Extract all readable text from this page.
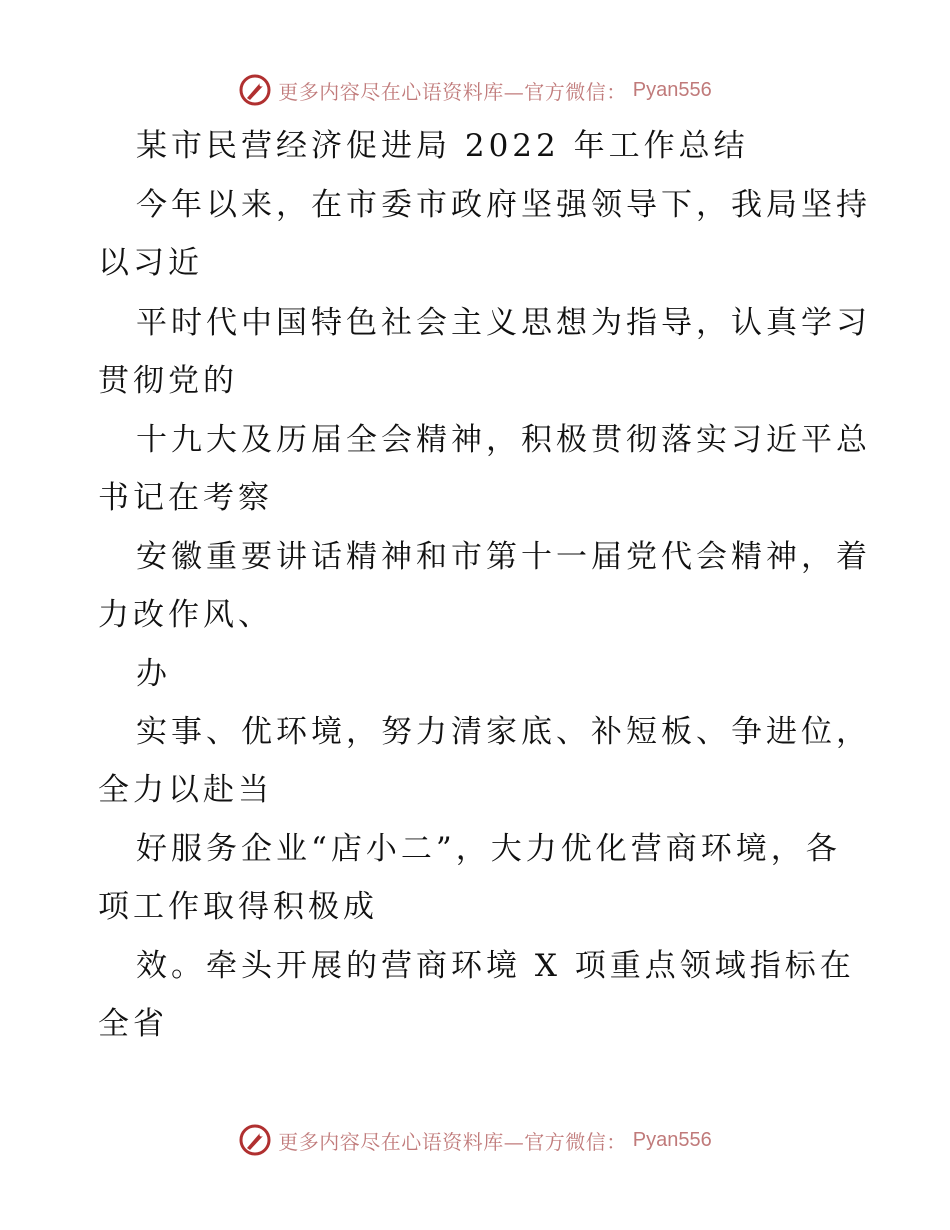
更多内容尽在心语资料库—官方微信： Pyan556
某市民营经济促进局 2022 年工作总结
今年以来，在市委市政府坚强领导下，我局坚持
以习近
平时代中国特色社会主义思想为指导，认真学习
贯彻党的
十九大及历届全会精神，积极贯彻落实习近平总
书记在考察
安徽重要讲话精神和市第十一届党代会精神，着
力改作风、
办
实事、优环境，努力清家底、补短板、争进位，
全力以赴当
好服务企业“店小二”，大力优化营商环境，各
项工作取得积极成
效。牵头开展的营商环境 X 项重点领域指标在
全省
更多内容尽在心语资料库—官方微信： Pyan556
